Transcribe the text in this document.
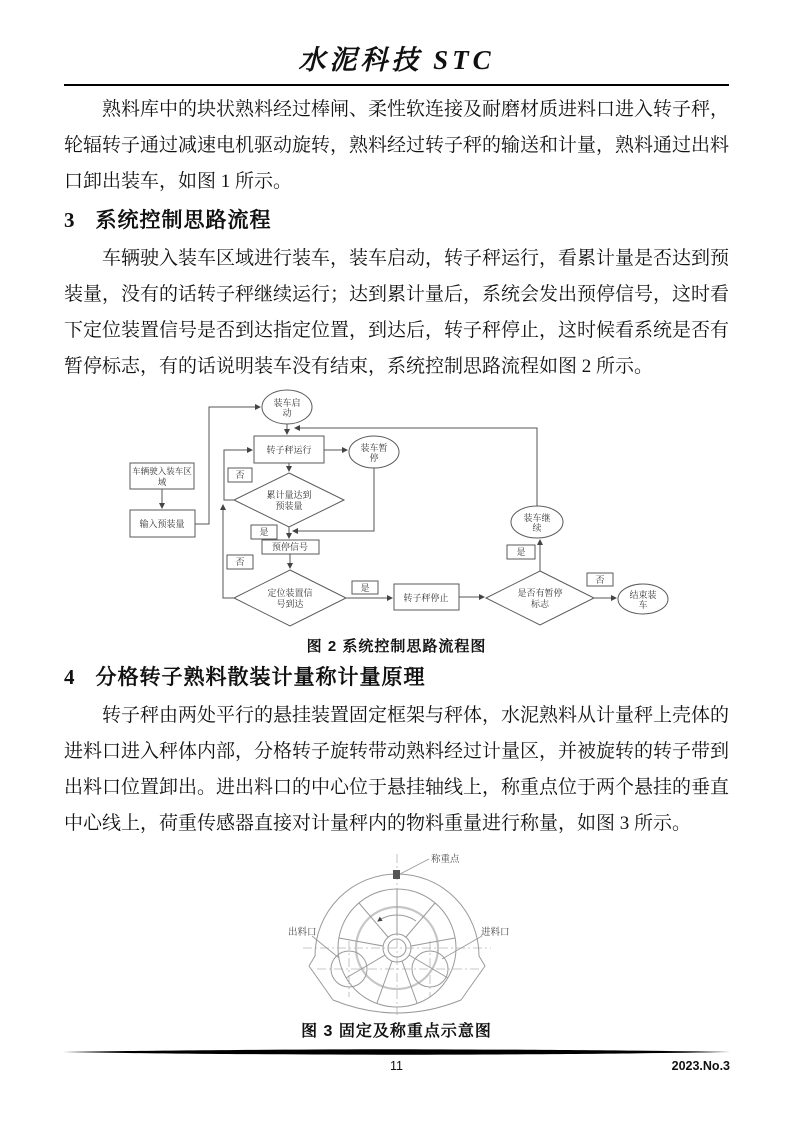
水泥科技 STC

熟料库中的块状熟料经过棒闸、柔性软连接及耐磨材质进料口进入转子秤，轮辐转子通过减速电机驱动旋转，熟料经过转子秤的输送和计量，熟料通过出料口卸出装车，如图 1 所示。

3 系统控制思路流程

车辆驶入装车区域进行装车，装车启动，转子秤运行，看累计量是否达到预装量，没有的话转子秤继续运行；达到累计量后，系统会发出预停信号，这时看下定位装置信号是否到达指定位置，到达后，转子秤停止，这时候看系统是否有暂停标志，有的话说明装车没有结束，系统控制思路流程如图 2 所示。

车辆驶入装车区
域
输入预装量
装车启
动
转子秤运行	装车暂
停
累计量达到
预装量
预停信号
定位装置信
号到达
转子秤停止	是否有暂停
标志
装车继
续
结束装
车
否
是
否
是
是
否
图 2 系统控制思路流程图
4 分格转子熟料散装计量称计量原理

转子秤由两处平行的悬挂装置固定框架与秤体，水泥熟料从计量秤上壳体的进料口进入秤体内部，分格转子旋转带动熟料经过计量区，并被旋转的转子带到出料口位置卸出。进出料口的中心位于悬挂轴线上，称重点位于两个悬挂的垂直中心线上，荷重传感器直接对计量秤内的物料重量进行称量，如图 3 所示。

称重点
出料口	进料口
图 3 固定及称重点示意图
11	2023.No.3
